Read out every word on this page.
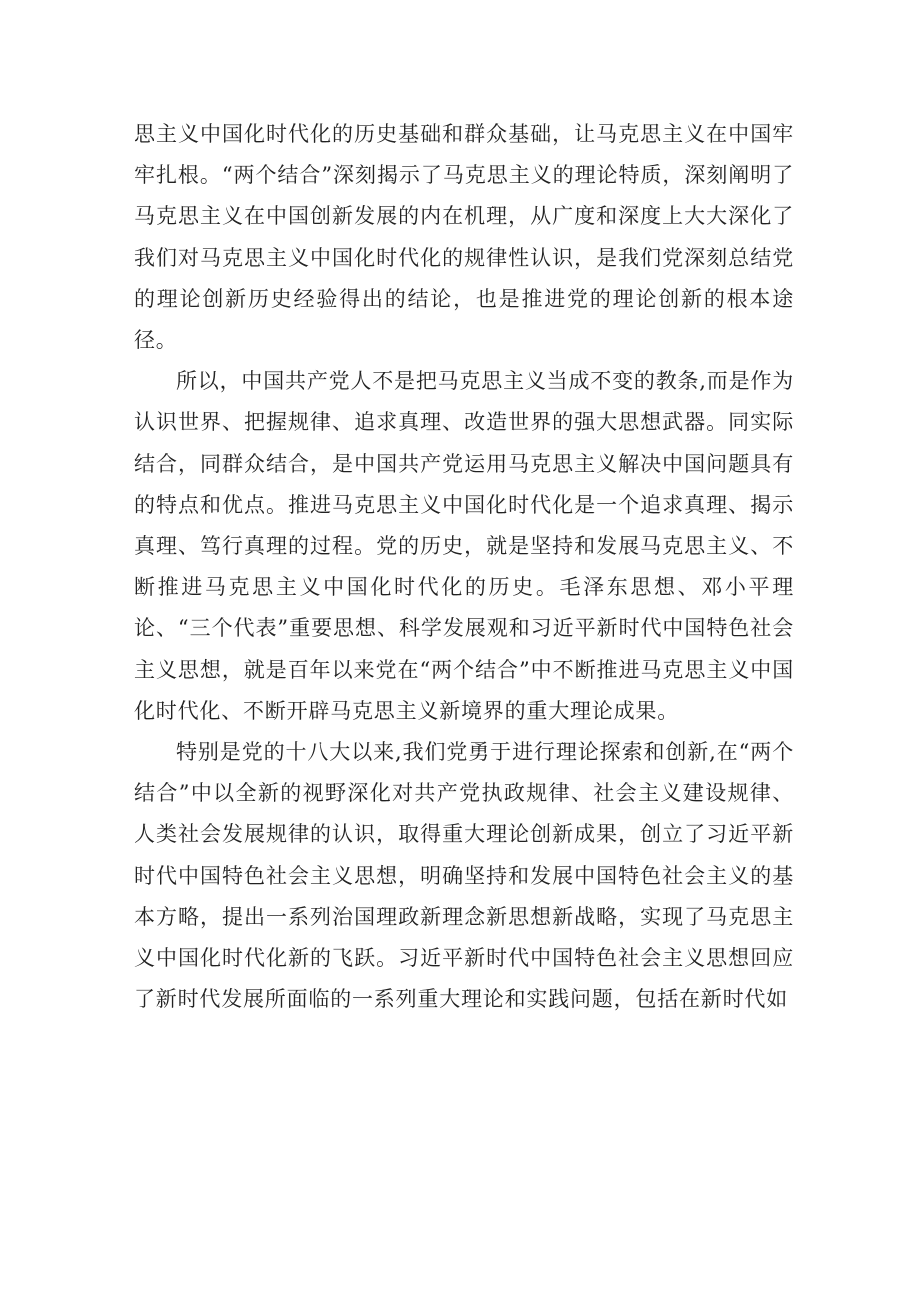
思主义中国化时代化的历史基础和群众基础，让马克思主义在中国牢牢扎根。“两个结合”深刻揭示了马克思主义的理论特质，深刻阐明了马克思主义在中国创新发展的内在机理，从广度和深度上大大深化了我们对马克思主义中国化时代化的规律性认识，是我们党深刻总结党的理论创新历史经验得出的结论，也是推进党的理论创新的根本途径。

所以，中国共产党人不是把马克思主义当成不变的教条,而是作为认识世界、把握规律、追求真理、改造世界的强大思想武器。同实际结合，同群众结合，是中国共产党运用马克思主义解决中国问题具有的特点和优点。推进马克思主义中国化时代化是一个追求真理、揭示真理、笃行真理的过程。党的历史，就是坚持和发展马克思主义、不断推进马克思主义中国化时代化的历史。毛泽东思想、邓小平理论、“三个代表”重要思想、科学发展观和习近平新时代中国特色社会主义思想，就是百年以来党在“两个结合”中不断推进马克思主义中国化时代化、不断开辟马克思主义新境界的重大理论成果。

特别是党的十八大以来,我们党勇于进行理论探索和创新,在“两个结合”中以全新的视野深化对共产党执政规律、社会主义建设规律、人类社会发展规律的认识，取得重大理论创新成果，创立了习近平新时代中国特色社会主义思想，明确坚持和发展中国特色社会主义的基本方略，提出一系列治国理政新理念新思想新战略，实现了马克思主义中国化时代化新的飞跃。习近平新时代中国特色社会主义思想回应了新时代发展所面临的一系列重大理论和实践问题，包括在新时代如
